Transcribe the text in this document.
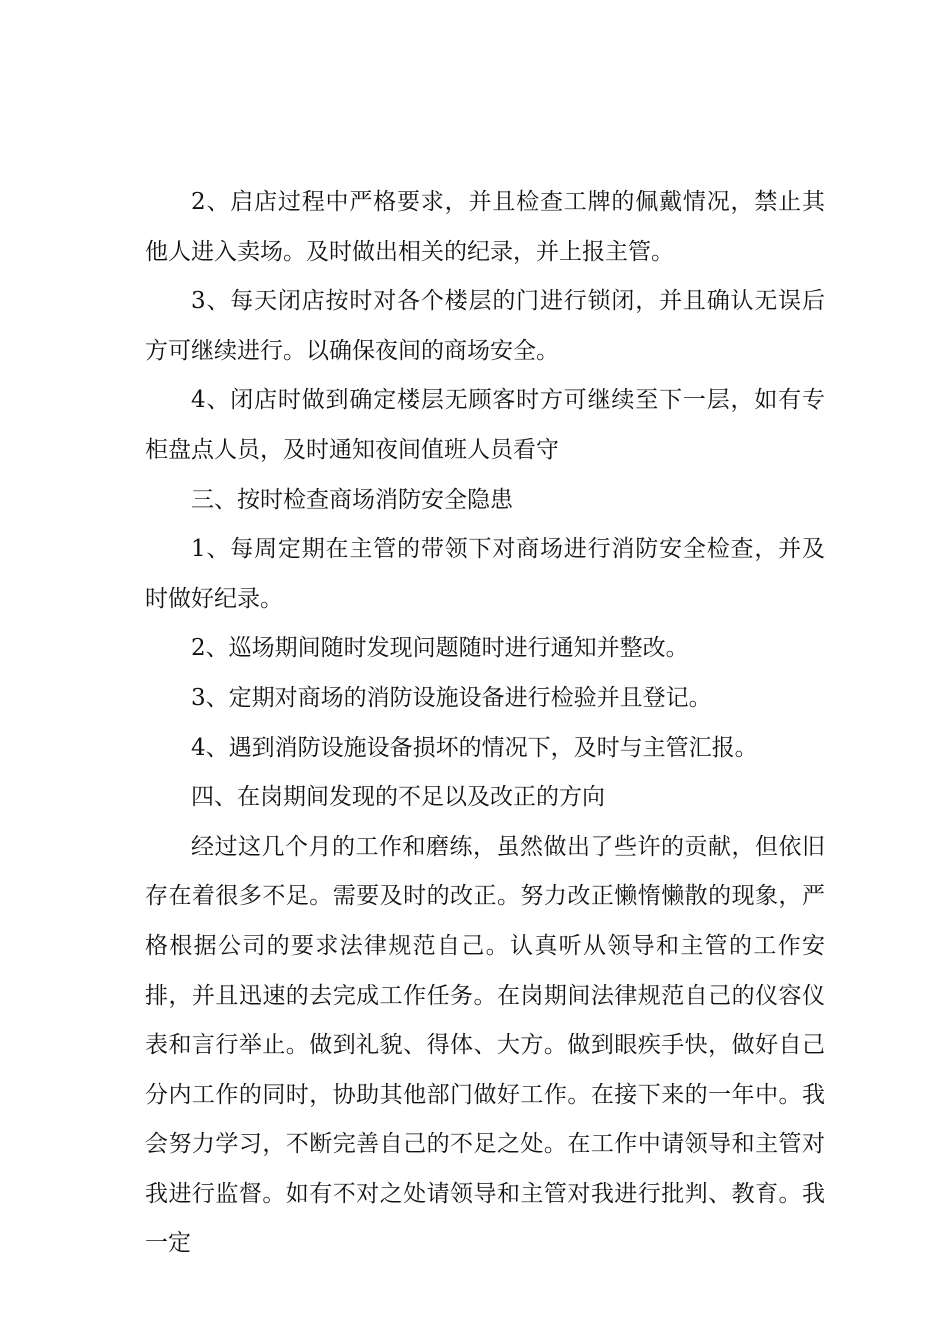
2、启店过程中严格要求，并且检查工牌的佩戴情况，禁止其他人进入卖场。及时做出相关的纪录，并上报主管。

3、每天闭店按时对各个楼层的门进行锁闭，并且确认无误后方可继续进行。以确保夜间的商场安全。

4、闭店时做到确定楼层无顾客时方可继续至下一层，如有专柜盘点人员，及时通知夜间值班人员看守

三、按时检查商场消防安全隐患

1、每周定期在主管的带领下对商场进行消防安全检查，并及时做好纪录。

2、巡场期间随时发现问题随时进行通知并整改。

3、定期对商场的消防设施设备进行检验并且登记。

4、遇到消防设施设备损坏的情况下，及时与主管汇报。

四、在岗期间发现的不足以及改正的方向

经过这几个月的工作和磨练，虽然做出了些许的贡献，但依旧存在着很多不足。需要及时的改正。努力改正懒惰懒散的现象，严格根据公司的要求法律规范自己。认真听从领导和主管的工作安排，并且迅速的去完成工作任务。在岗期间法律规范自己的仪容仪表和言行举止。做到礼貌、得体、大方。做到眼疾手快，做好自己分内工作的同时，协助其他部门做好工作。在接下来的一年中。我会努力学习，不断完善自己的不足之处。在工作中请领导和主管对我进行监督。如有不对之处请领导和主管对我进行批判、教育。我一定
